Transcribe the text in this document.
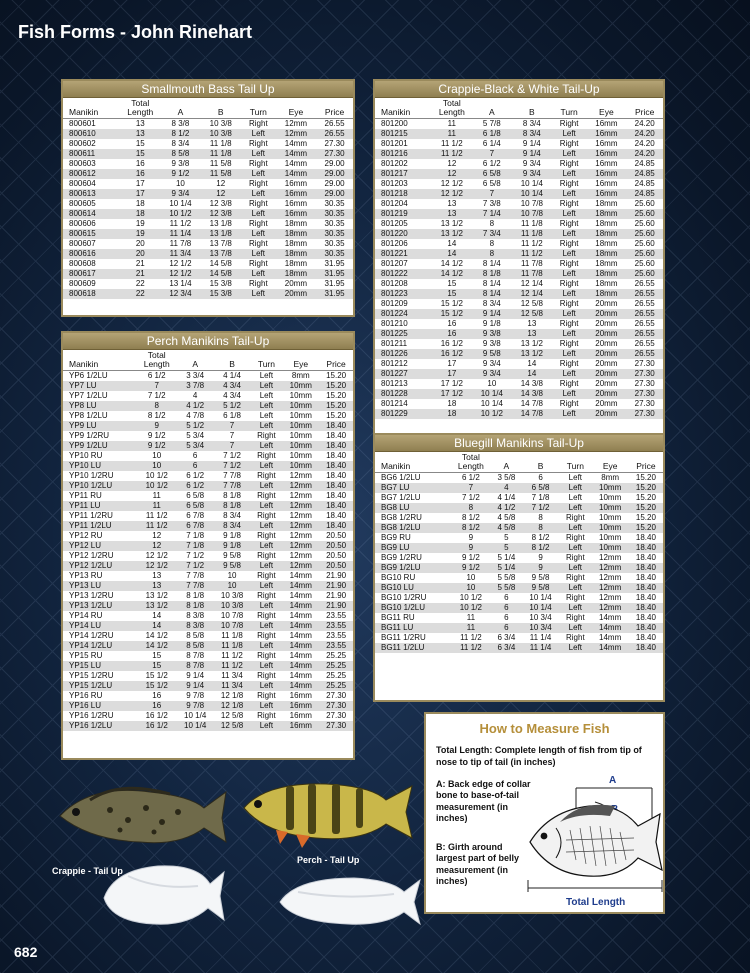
Fish Forms - John Rinehart
Smallmouth Bass Tail Up
Manikin	Total Length	A	B	Turn	Eye	Price
800601	13	8 3/8	10 3/8	Right	12mm	26.55
800610	13	8 1/2	10 3/8	Left	12mm	26.55
800602	15	8 3/4	11 1/8	Right	14mm	27.30
800611	15	8 5/8	11 1/8	Left	14mm	27.30
800603	16	9 3/8	11 5/8	Right	14mm	29.00
800612	16	9 1/2	11 5/8	Left	14mm	29.00
800604	17	10	12	Right	16mm	29.00
800613	17	9 3/4	12	Left	16mm	29.00
800605	18	10 1/4	12 3/8	Right	16mm	30.35
800614	18	10 1/2	12 3/8	Left	16mm	30.35
800606	19	11 1/2	13 1/8	Right	18mm	30.35
800615	19	11 1/4	13 1/8	Left	18mm	30.35
800607	20	11 7/8	13 7/8	Right	18mm	30.35
800616	20	11 3/4	13 7/8	Left	18mm	30.35
800608	21	12 1/2	14 5/8	Right	18mm	31.95
800617	21	12 1/2	14 5/8	Left	18mm	31.95
800609	22	13 1/4	15 3/8	Right	20mm	31.95
800618	22	12 3/4	15 3/8	Left	20mm	31.95
Perch Manikins Tail-Up
Manikin	Total Length	A	B	Turn	Eye	Price
YP6 1/2LU	6 1/2	3 3/4	4 1/4	Left	8mm	15.20
YP7 LU	7	3 7/8	4 3/4	Left	10mm	15.20
YP7 1/2LU	7 1/2	4	4 3/4	Left	10mm	15.20
YP8 LU	8	4 1/2	5 1/2	Left	10mm	15.20
YP8 1/2LU	8 1/2	4 7/8	6 1/8	Left	10mm	15.20
YP9 LU	9	5 1/2	7	Left	10mm	18.40
YP9 1/2RU	9 1/2	5 3/4	7	Right	10mm	18.40
YP9 1/2LU	9 1/2	5 3/4	7	Left	10mm	18.40
YP10 RU	10	6	7 1/2	Right	10mm	18.40
YP10 LU	10	6	7 1/2	Left	10mm	18.40
YP10 1/2RU	10 1/2	6 1/2	7 7/8	Right	12mm	18.40
YP10 1/2LU	10 1/2	6 1/2	7 7/8	Left	12mm	18.40
YP11 RU	11	6 5/8	8 1/8	Right	12mm	18.40
YP11 LU	11	6 5/8	8 1/8	Left	12mm	18.40
YP11 1/2RU	11 1/2	6 7/8	8 3/4	Right	12mm	18.40
YP11 1/2LU	11 1/2	6 7/8	8 3/4	Left	12mm	18.40
YP12 RU	12	7 1/8	9 1/8	Right	12mm	20.50
YP12 LU	12	7 1/8	9 1/8	Left	12mm	20.50
YP12 1/2RU	12 1/2	7 1/2	9 5/8	Right	12mm	20.50
YP12 1/2LU	12 1/2	7 1/2	9 5/8	Left	12mm	20.50
YP13 RU	13	7 7/8	10	Right	14mm	21.90
YP13 LU	13	7 7/8	10	Left	14mm	21.90
YP13 1/2RU	13 1/2	8 1/8	10 3/8	Right	14mm	21.90
YP13 1/2LU	13 1/2	8 1/8	10 3/8	Left	14mm	21.90
YP14 RU	14	8 3/8	10 7/8	Right	14mm	23.55
YP14 LU	14	8 3/8	10 7/8	Left	14mm	23.55
YP14 1/2RU	14 1/2	8 5/8	11 1/8	Right	14mm	23.55
YP14 1/2LU	14 1/2	8 5/8	11 1/8	Left	14mm	23.55
YP15 RU	15	8 7/8	11 1/2	Right	14mm	25.25
YP15 LU	15	8 7/8	11 1/2	Left	14mm	25.25
YP15 1/2RU	15 1/2	9 1/4	11 3/4	Right	14mm	25.25
YP15 1/2LU	15 1/2	9 1/4	11 3/4	Left	14mm	25.25
YP16 RU	16	9 7/8	12 1/8	Right	16mm	27.30
YP16 LU	16	9 7/8	12 1/8	Left	16mm	27.30
YP16 1/2RU	16 1/2	10 1/4	12 5/8	Right	16mm	27.30
YP16 1/2LU	16 1/2	10 1/4	12 5/8	Left	16mm	27.30
Crappie-Black & White Tail-Up
Manikin	Total Length	A	B	Turn	Eye	Price
801200	11	5 7/8	8 3/4	Right	16mm	24.20
801215	11	6 1/8	8 3/4	Left	16mm	24.20
801201	11 1/2	6 1/4	9 1/4	Right	16mm	24.20
801216	11 1/2	7	9 1/4	Left	16mm	24.20
801202	12	6 1/2	9 3/4	Right	16mm	24.85
801217	12	6 5/8	9 3/4	Left	16mm	24.85
801203	12 1/2	6 5/8	10 1/4	Right	16mm	24.85
801218	12 1/2	7	10 1/4	Left	16mm	24.85
801204	13	7 3/8	10 7/8	Right	18mm	25.60
801219	13	7 1/4	10 7/8	Left	18mm	25.60
801205	13 1/2	8	11 1/8	Right	18mm	25.60
801220	13 1/2	7 3/4	11 1/8	Left	18mm	25.60
801206	14	8	11 1/2	Right	18mm	25.60
801221	14	8	11 1/2	Left	18mm	25.60
801207	14 1/2	8 1/4	11 7/8	Right	18mm	25.60
801222	14 1/2	8 1/8	11 7/8	Left	18mm	25.60
801208	15	8 1/4	12 1/4	Right	18mm	26.55
801223	15	8 1/4	12 1/4	Left	18mm	26.55
801209	15 1/2	8 3/4	12 5/8	Right	20mm	26.55
801224	15 1/2	9 1/4	12 5/8	Left	20mm	26.55
801210	16	9 1/8	13	Right	20mm	26.55
801225	16	9 3/8	13	Left	20mm	26.55
801211	16 1/2	9 3/8	13 1/2	Right	20mm	26.55
801226	16 1/2	9 5/8	13 1/2	Left	20mm	26.55
801212	17	9 3/4	14	Right	20mm	27.30
801227	17	9 3/4	14	Left	20mm	27.30
801213	17 1/2	10	14 3/8	Right	20mm	27.30
801228	17 1/2	10 1/4	14 3/8	Left	20mm	27.30
801214	18	10 1/4	14 7/8	Right	20mm	27.30
801229	18	10 1/2	14 7/8	Left	20mm	27.30
Bluegill Manikins Tail-Up
Manikin	Total Length	A	B	Turn	Eye	Price
BG6 1/2LU	6 1/2	3 5/8	6	Left	8mm	15.20
BG7 LU	7	4	6 5/8	Left	10mm	15.20
BG7 1/2LU	7 1/2	4 1/4	7 1/8	Left	10mm	15.20
BG8 LU	8	4 1/2	7 1/2	Left	10mm	15.20
BG8 1/2RU	8 1/2	4 5/8	8	Right	10mm	15.20
BG8 1/2LU	8 1/2	4 5/8	8	Left	10mm	15.20
BG9 RU	9	5	8 1/2	Right	10mm	18.40
BG9 LU	9	5	8 1/2	Left	10mm	18.40
BG9 1/2RU	9 1/2	5 1/4	9	Right	12mm	18.40
BG9 1/2LU	9 1/2	5 1/4	9	Left	12mm	18.40
BG10 RU	10	5 5/8	9 5/8	Right	12mm	18.40
BG10 LU	10	5 5/8	9 5/8	Left	12mm	18.40
BG10 1/2RU	10 1/2	6	10 1/4	Right	12mm	18.40
BG10 1/2LU	10 1/2	6	10 1/4	Left	12mm	18.40
BG11 RU	11	6	10 3/4	Right	14mm	18.40
BG11 LU	11	6	10 3/4	Left	14mm	18.40
BG11 1/2RU	11 1/2	6 3/4	11 1/4	Right	14mm	18.40
BG11 1/2LU	11 1/2	6 3/4	11 1/4	Left	14mm	18.40
How to Measure Fish
Total Length: Complete length of fish from tip of nose to tip of tail (in inches)
A: Back edge of collar bone to base-of-tail measurement (in inches)
B: Girth around largest part of belly measurement (in inches)
A
Total Length
Crappie - Tail Up
Perch - Tail Up
682
